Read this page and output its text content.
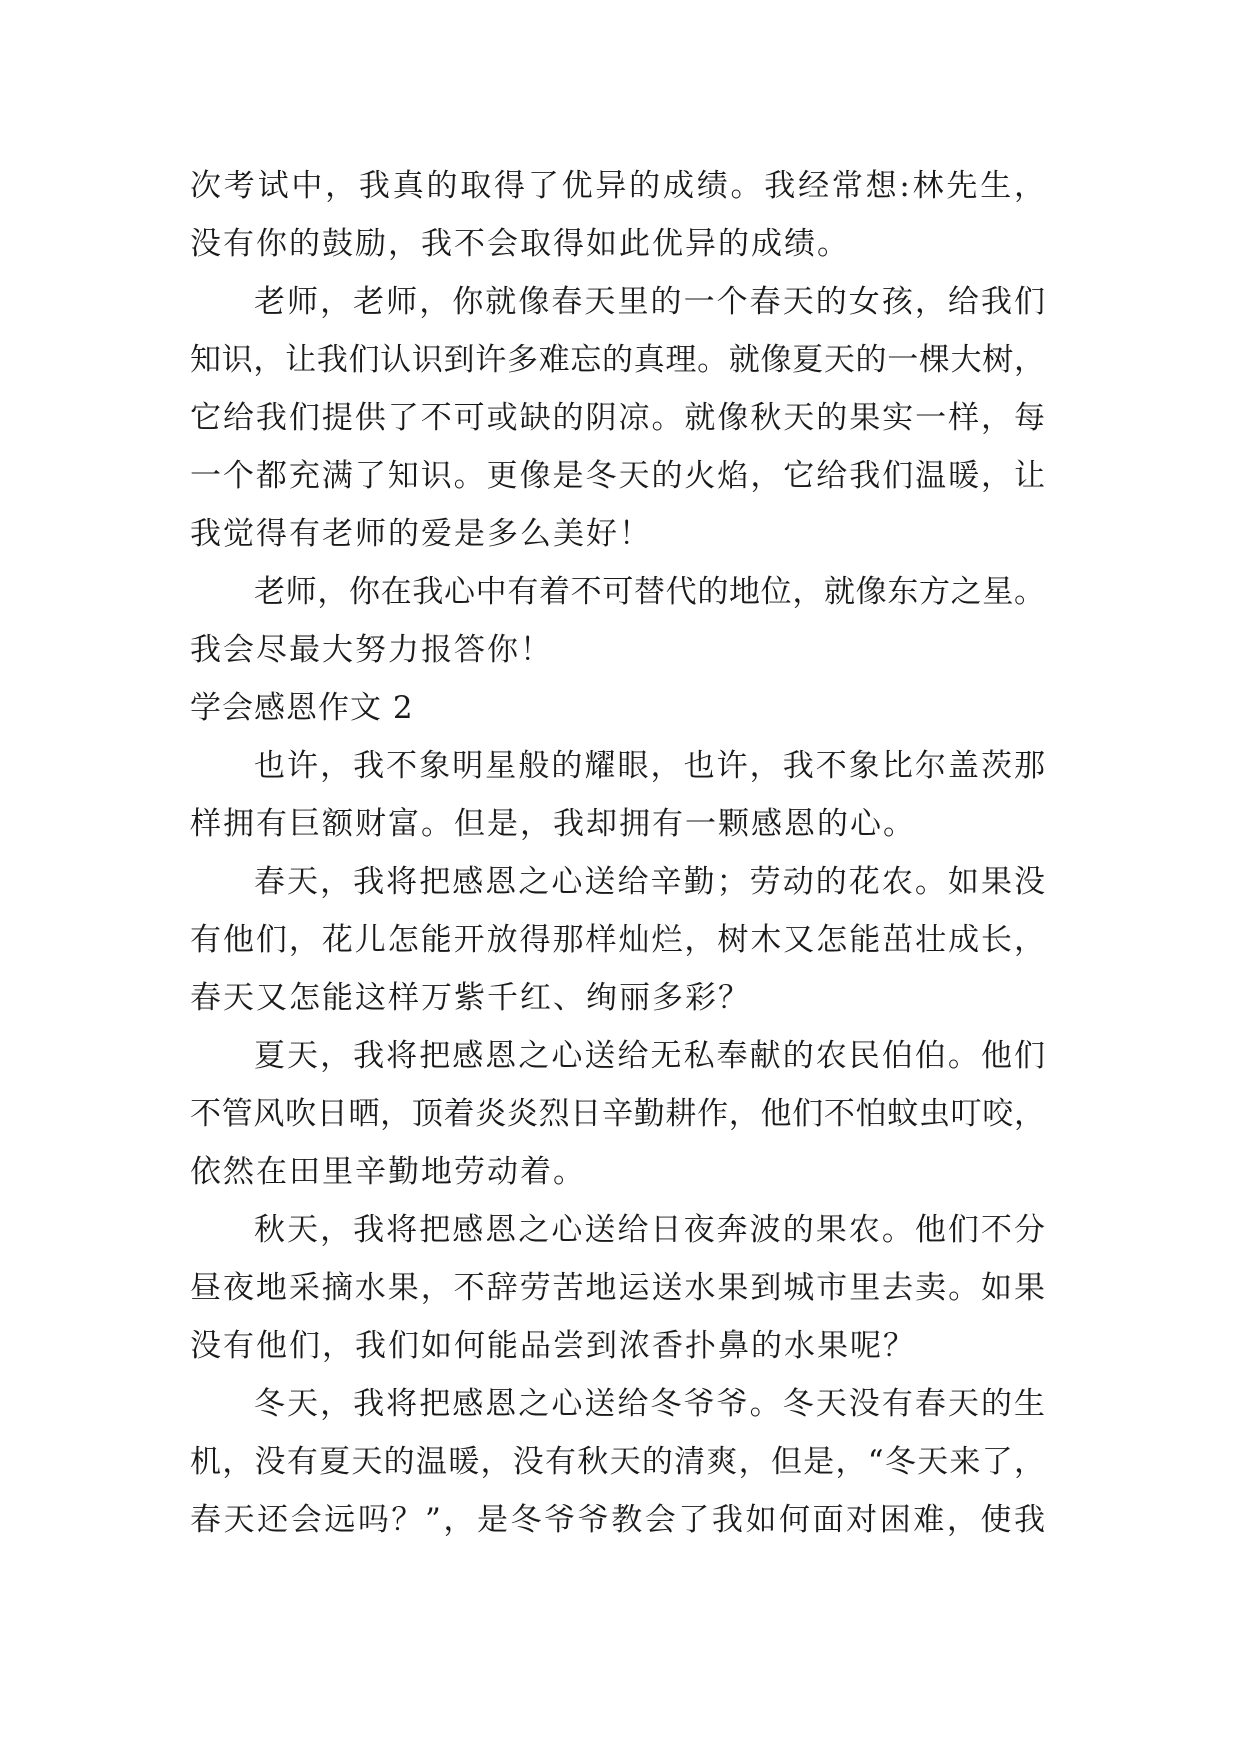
次考试中，我真的取得了优异的成绩。我经常想:林先生，
没有你的鼓励，我不会取得如此优异的成绩。
老师，老师，你就像春天里的一个春天的女孩，给我们
知识，让我们认识到许多难忘的真理。就像夏天的一棵大树，
它给我们提供了不可或缺的阴凉。就像秋天的果实一样，每
一个都充满了知识。更像是冬天的火焰，它给我们温暖，让
我觉得有老师的爱是多么美好！
老师，你在我心中有着不可替代的地位，就像东方之星。
我会尽最大努力报答你！
学会感恩作文 2
也许，我不象明星般的耀眼，也许，我不象比尔盖茨那
样拥有巨额财富。但是，我却拥有一颗感恩的心。
春天，我将把感恩之心送给辛勤；劳动的花农。如果没
有他们，花儿怎能开放得那样灿烂，树木又怎能茁壮成长，
春天又怎能这样万紫千红、绚丽多彩？
夏天，我将把感恩之心送给无私奉献的农民伯伯。他们
不管风吹日晒，顶着炎炎烈日辛勤耕作，他们不怕蚊虫叮咬，
依然在田里辛勤地劳动着。
秋天，我将把感恩之心送给日夜奔波的果农。他们不分
昼夜地采摘水果，不辞劳苦地运送水果到城市里去卖。如果
没有他们，我们如何能品尝到浓香扑鼻的水果呢？
冬天，我将把感恩之心送给冬爷爷。冬天没有春天的生
机，没有夏天的温暖，没有秋天的清爽，但是，“冬天来了，
春天还会远吗？”，是冬爷爷教会了我如何面对困难，使我
